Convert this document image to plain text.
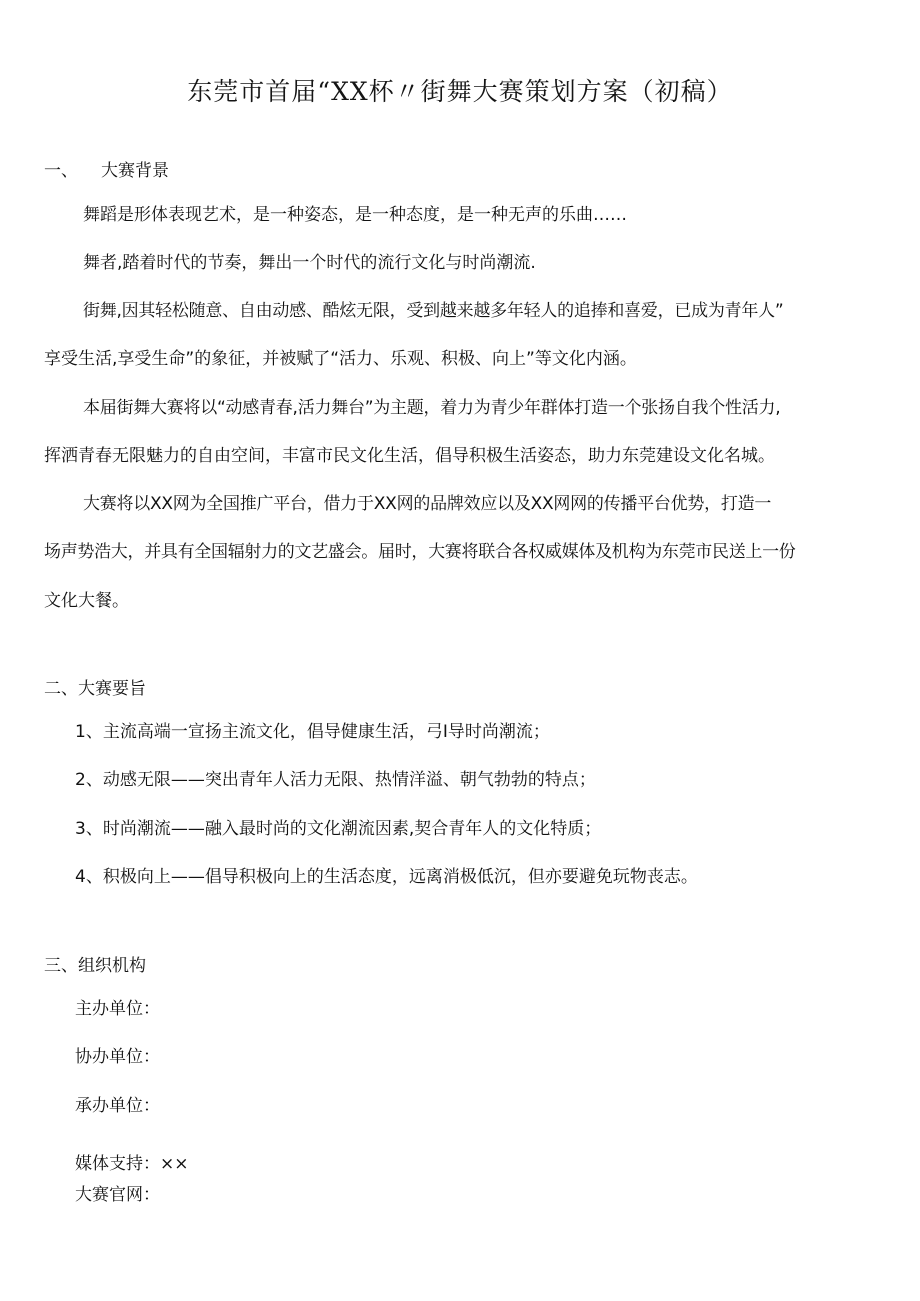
东莞市首届“XX杯〃街舞大赛策划方案（初稿）
一、 大赛背景
舞蹈是形体表现艺术，是一种姿态，是一种态度，是一种无声的乐曲……
舞者,踏着时代的节奏，舞出一个时代的流行文化与时尚潮流.
街舞,因其轻松随意、自由动感、酷炫无限，受到越来越多年轻人的追捧和喜爱，已成为青年人”
享受生活,享受生命”的象征，并被赋了“活力、乐观、积极、向上”等文化内涵。
本届街舞大赛将以“动感青春,活力舞台”为主题，着力为青少年群体打造一个张扬自我个性活力,
挥洒青春无限魅力的自由空间，丰富市民文化生活，倡导积极生活姿态，助力东莞建设文化名城。
大赛将以XX网为全国推广平台，借力于XX网的品牌效应以及XX网网的传播平台优势，打造一
场声势浩大，并具有全国辐射力的文艺盛会。届时，大赛将联合各权威媒体及机构为东莞市民送上一份
文化大餐。
二、大赛要旨
1、主流高端一宣扬主流文化，倡导健康生活，弓I导时尚潮流；
2、动感无限——突出青年人活力无限、热情洋溢、朝气勃勃的特点；
3、时尚潮流——融入最时尚的文化潮流因素,契合青年人的文化特质；
4、积极向上——倡导积极向上的生活态度，远离消极低沉，但亦要避免玩物丧志。
三、组织机构
主办单位：
协办单位：
承办单位：
媒体支持：××
大赛官网：
